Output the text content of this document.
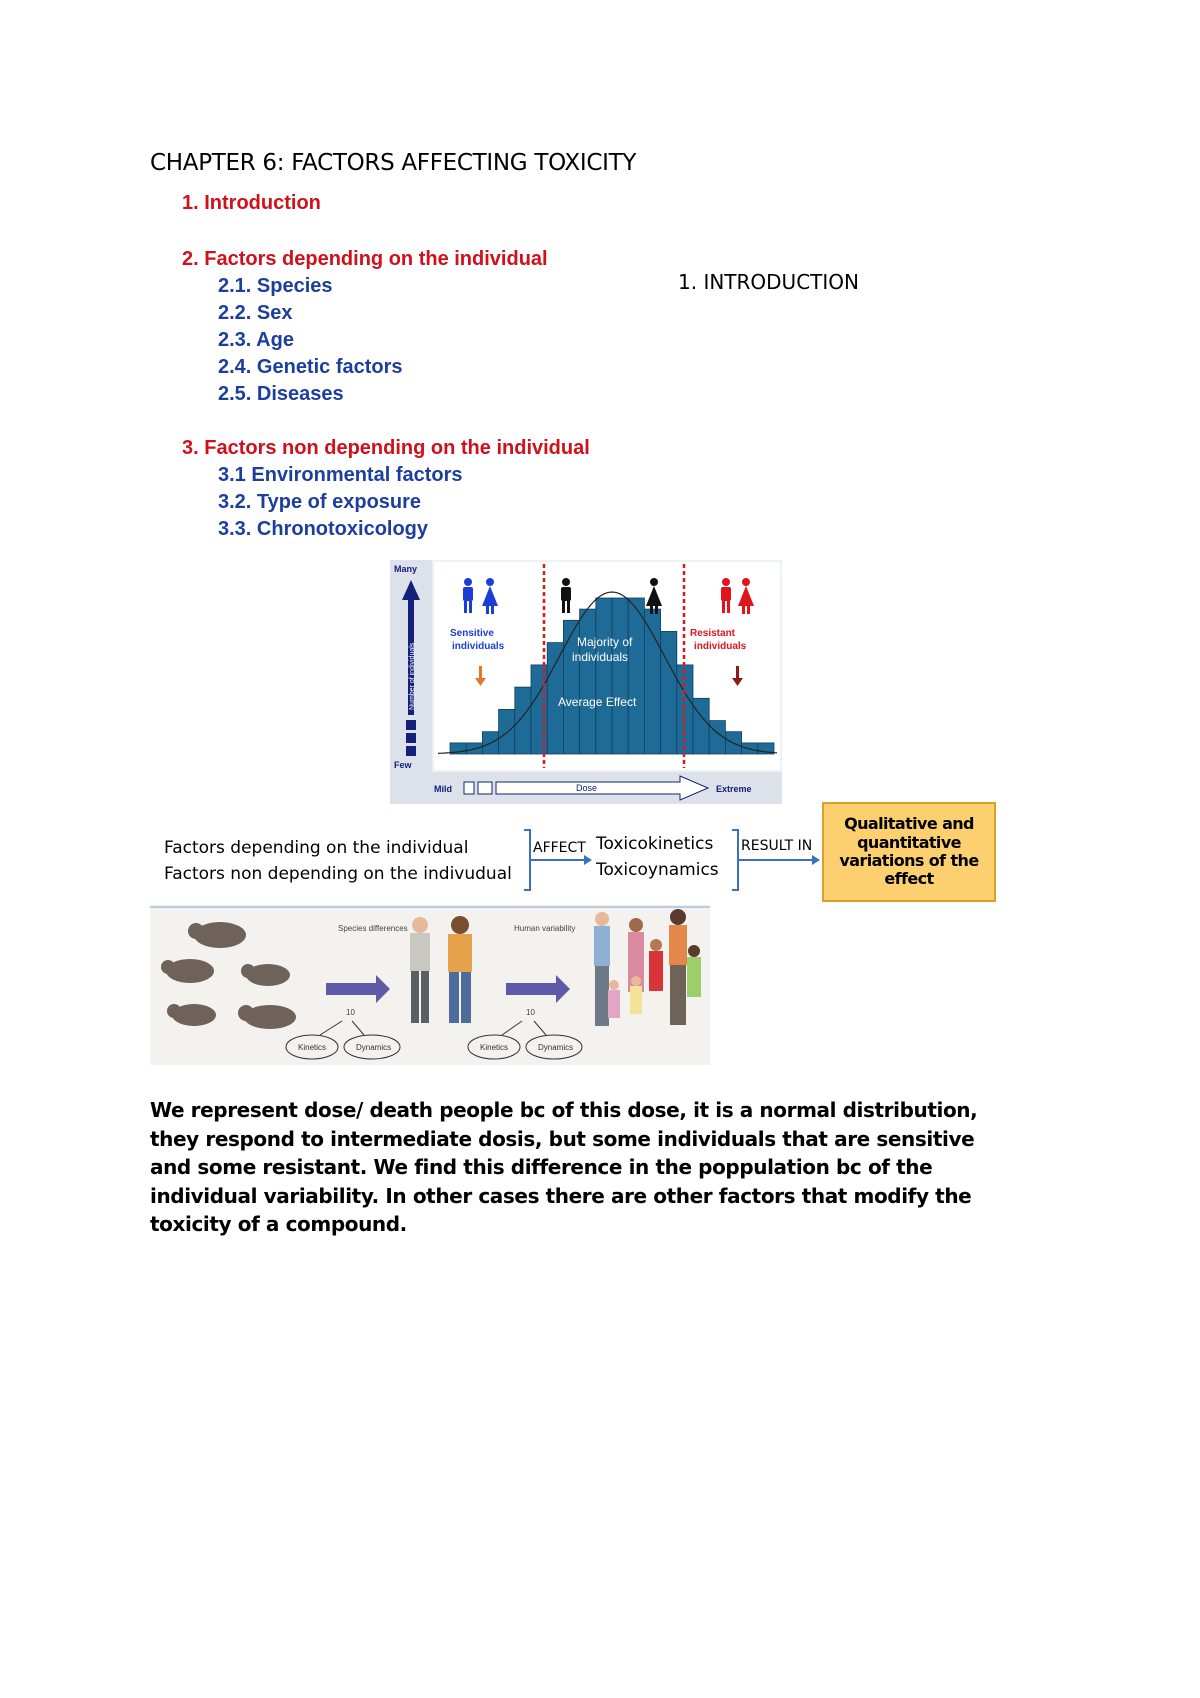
CHAPTER 6: FACTORS AFFECTING TOXICITY
1. Introduction
2. Factors depending on the individual
2.1. Species
2.2. Sex
2.3. Age
2.4. Genetic factors
2.5. Diseases
3. Factors non depending on the individual
3.1 Environmental factors
3.2. Type of exposure
3.3. Chronotoxicology
1. INTRODUCTION
Many
Few
Number of individuals
Sensitive individuals
Resistant individuals
Majority of individuals
Average Effect
Mild	Dose	Extreme
Factors depending on the individual
Factors non depending on the indivudual
AFFECT Toxicokinetics
Toxicoynamics
RESULT IN
Qualitative and quantitative variations of the effect
Species differences	Human variability
10	10
Kinetics	Dynamics	Kinetics	Dynamics
We represent dose/ death people bc of this dose, it is a normal distribution, they respond to intermediate dosis, but some individuals that are sensitive and some resistant. We find this difference in the poppulation bc of the individual variability. In other cases there are other factors that modify the toxicity of a compound.
